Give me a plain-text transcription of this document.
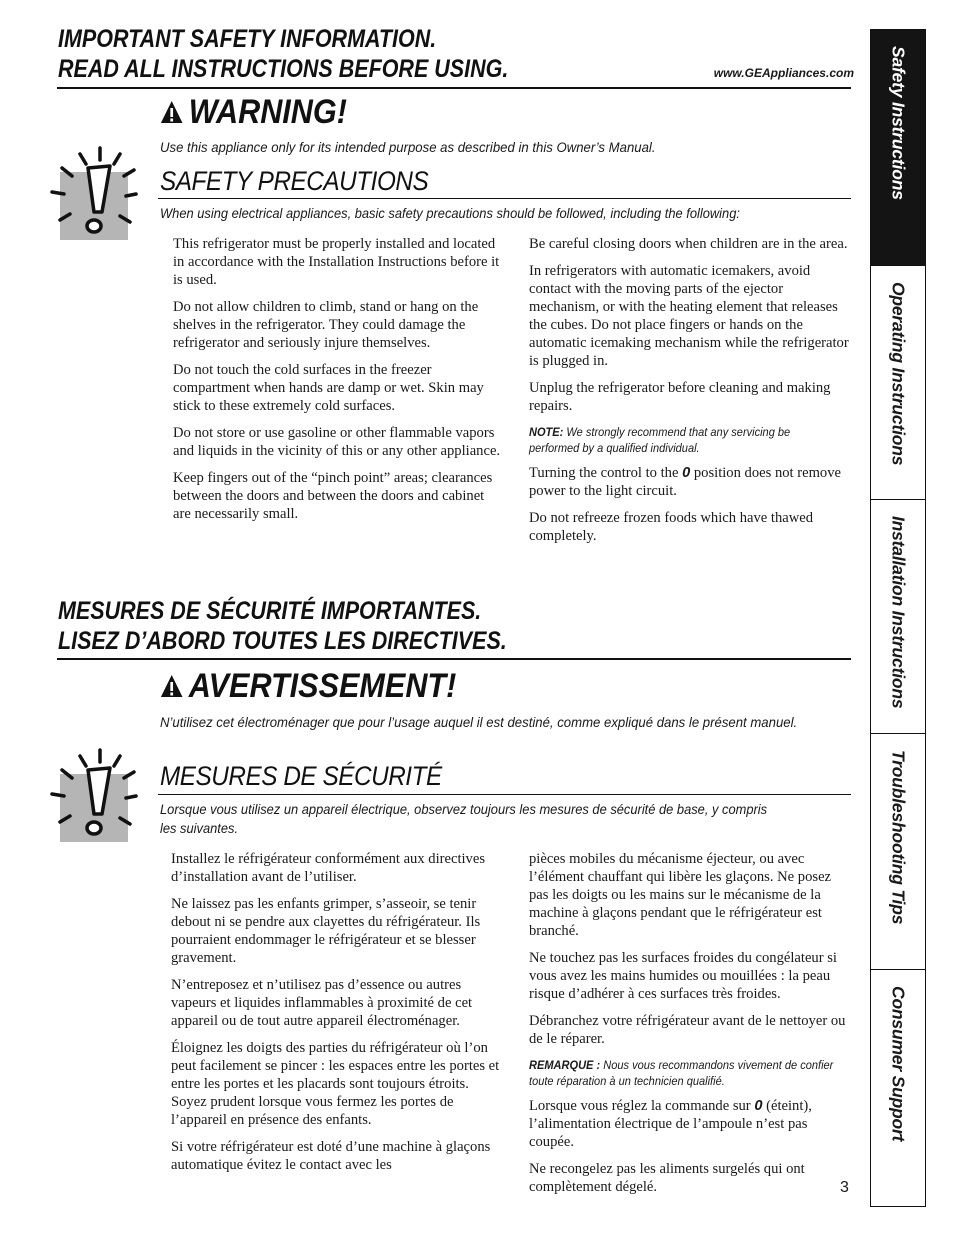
IMPORTANT SAFETY INFORMATION.
READ ALL INSTRUCTIONS BEFORE USING.	www.GEAppliances.com
WARNING!
Use this appliance only for its intended purpose as described in this Owner’s Manual.
SAFETY PRECAUTIONS
When using electrical appliances, basic safety precautions should be followed, including the following:

This refrigerator must be properly installed and located in accordance with the Installation Instructions before it is used.

Do not allow children to climb, stand or hang on the shelves in the refrigerator. They could damage the refrigerator and seriously injure themselves.

Do not touch the cold surfaces in the freezer compartment when hands are damp or wet. Skin may stick to these extremely cold surfaces.

Do not store or use gasoline or other flammable vapors and liquids in the vicinity of this or any other appliance.

Keep fingers out of the “pinch point” areas; clearances between the doors and between the doors and cabinet are necessarily small.

Be careful closing doors when children are in the area.

In refrigerators with automatic icemakers, avoid contact with the moving parts of the ejector mechanism, or with the heating element that releases the cubes. Do not place fingers or hands on the automatic icemaking mechanism while the refrigerator is plugged in.

Unplug the refrigerator before cleaning and making repairs.

NOTE: We strongly recommend that any servicing be performed by a qualified individual.

Turning the control to the 0 position does not remove power to the light circuit.

Do not refreeze frozen foods which have thawed completely.

MESURES DE SÉCURITÉ IMPORTANTES.
LISEZ D’ABORD TOUTES LES DIRECTIVES.
AVERTISSEMENT!
N’utilisez cet électroménager que pour l’usage auquel il est destiné, comme expliqué dans le présent manuel.
MESURES DE SÉCURITÉ
Lorsque vous utilisez un appareil électrique, observez toujours les mesures de sécurité de base, y compris les suivantes.

Installez le réfrigérateur conformément aux directives d’installation avant de l’utiliser.

Ne laissez pas les enfants grimper, s’asseoir, se tenir debout ni se pendre aux clayettes du réfrigérateur. Ils pourraient endommager le réfrigérateur et se blesser gravement.

N’entreposez et n’utilisez pas d’essence ou autres vapeurs et liquides inflammables à proximité de cet appareil ou de tout autre appareil électroménager.

Éloignez les doigts des parties du réfrigérateur où l’on peut facilement se pincer : les espaces entre les portes et entre les portes et les placards sont toujours étroits. Soyez prudent lorsque vous fermez les portes de l’appareil en présence des enfants.

Si votre réfrigérateur est doté d’une machine à glaçons automatique évitez le contact avec les

pièces mobiles du mécanisme éjecteur, ou avec l’élément chauffant qui libère les glaçons. Ne posez pas les doigts ou les mains sur le mécanisme de la machine à glaçons pendant que le réfrigérateur est branché.

Ne touchez pas les surfaces froides du congélateur si vous avez les mains humides ou mouillées : la peau risque d’adhérer à ces surfaces très froides.

Débranchez votre réfrigérateur avant de le nettoyer ou de le réparer.

REMARQUE : Nous vous recommandons vivement de confier toute réparation à un technicien qualifié.

Lorsque vous réglez la commande sur 0 (éteint), l’alimentation électrique de l’ampoule n’est pas coupée.

Ne recongelez pas les aliments surgelés qui ont complètement dégelé.	3
Safety Instructions
Operating Instructions
Installation Instructions
Troubleshooting Tips
Consumer Support
